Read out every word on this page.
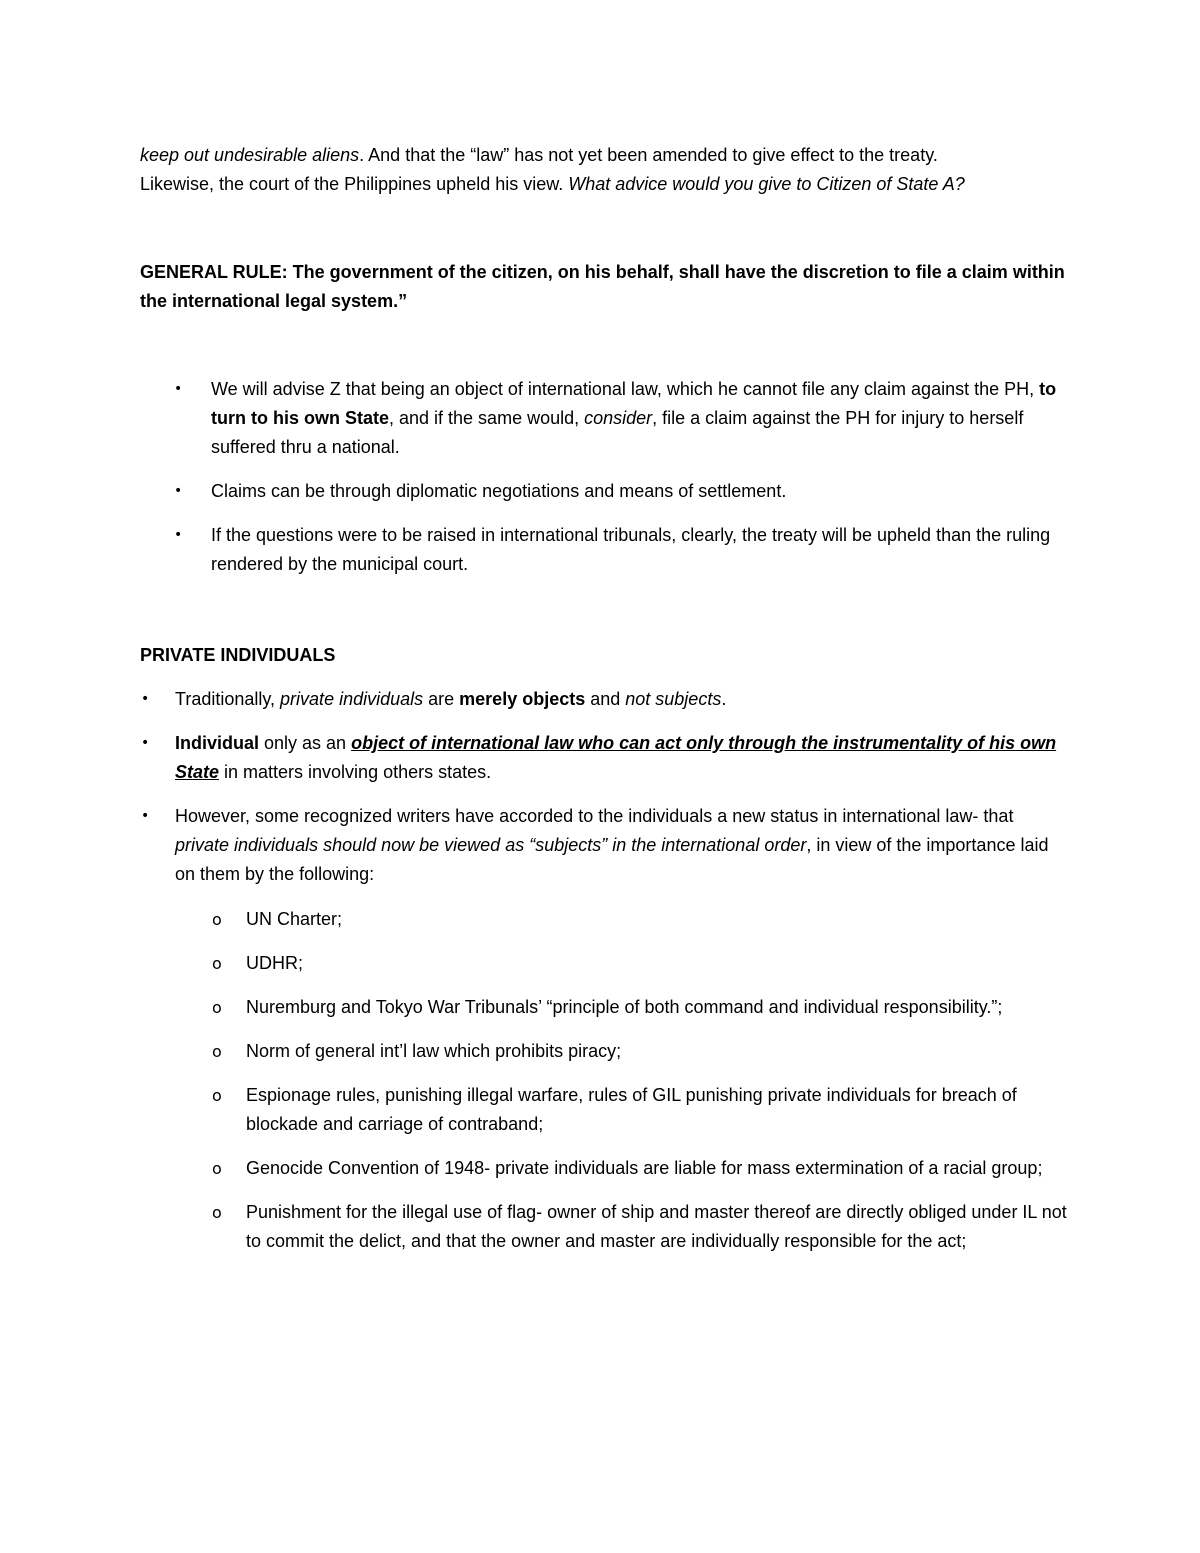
keep out undesirable aliens. And that the “law” has not yet been amended to give effect to the treaty.
Likewise, the court of the Philippines upheld his view. What advice would you give to Citizen of State A?
GENERAL RULE: The government of the citizen, on his behalf, shall have the discretion to file a claim within the international legal system.”
• We will advise Z that being an object of international law, which he cannot file any claim against the PH, to turn to his own State, and if the same would, consider, file a claim against the PH for injury to herself suffered thru a national.
• Claims can be through diplomatic negotiations and means of settlement.
• If the questions were to be raised in international tribunals, clearly, the treaty will be upheld than the ruling rendered by the municipal court.
PRIVATE INDIVIDUALS
• Traditionally, private individuals are merely objects and not subjects.
• Individual only as an object of international law who can act only through the instrumentality of his own State in matters involving others states.
• However, some recognized writers have accorded to the individuals a new status in international law- that private individuals should now be viewed as “subjects” in the international order, in view of the importance laid on them by the following:
o UN Charter;
o UDHR;
o Nuremburg and Tokyo War Tribunals’ “principle of both command and individual responsibility.”;
o Norm of general int’l law which prohibits piracy;
o Espionage rules, punishing illegal warfare, rules of GIL punishing private individuals for breach of blockade and carriage of contraband;
o Genocide Convention of 1948- private individuals are liable for mass extermination of a racial group;
o Punishment for the illegal use of flag- owner of ship and master thereof are directly obliged under IL not to commit the delict, and that the owner and master are individually responsible for the act;
